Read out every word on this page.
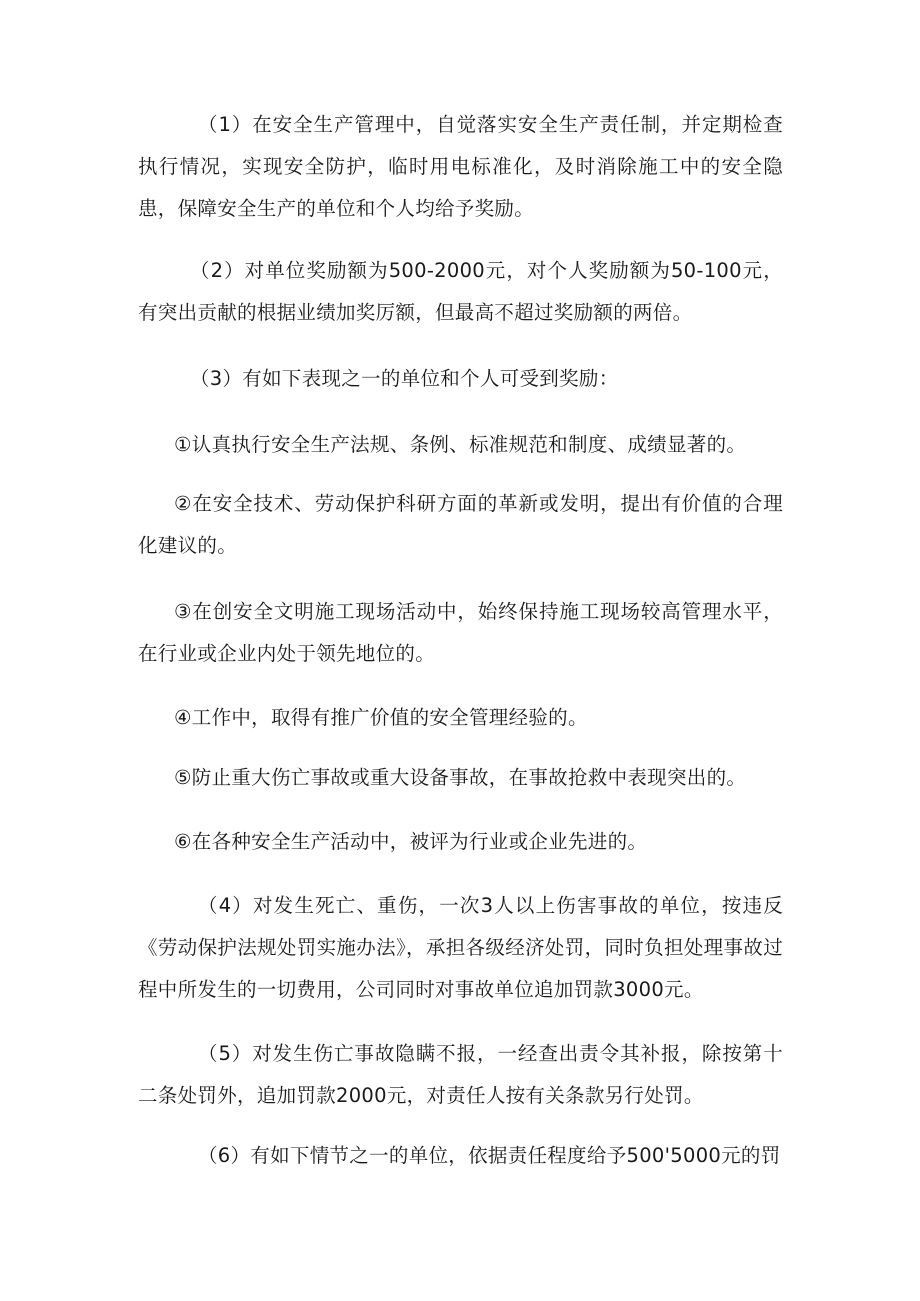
（1）在安全生产管理中，自觉落实安全生产责任制，并定期检查执行情况，实现安全防护，临时用电标准化，及时消除施工中的安全隐患，保障安全生产的单位和个人均给予奖励。

（2）对单位奖励额为500-2000元，对个人奖励额为50-100元，有突出贡献的根据业绩加奖厉额，但最高不超过奖励额的两倍。

（3）有如下表现之一的单位和个人可受到奖励：

①认真执行安全生产法规、条例、标准规范和制度、成绩显著的。

②在安全技术、劳动保护科研方面的革新或发明，提出有价值的合理化建议的。

③在创安全文明施工现场活动中，始终保持施工现场较高管理水平，在行业或企业内处于领先地位的。

④工作中，取得有推广价值的安全管理经验的。

⑤防止重大伤亡事故或重大设备事故，在事故抢救中表现突出的。

⑥在各种安全生产活动中，被评为行业或企业先进的。

（4）对发生死亡、重伤，一次3人以上伤害事故的单位，按违反《劳动保护法规处罚实施办法》，承担各级经济处罚，同时负担处理事故过程中所发生的一切费用，公司同时对事故单位追加罚款3000元。

（5）对发生伤亡事故隐瞒不报，一经查出责令其补报，除按第十二条处罚外，追加罚款2000元，对责任人按有关条款另行处罚。

（6）有如下情节之一的单位，依据责任程度给予500'5000元的罚
